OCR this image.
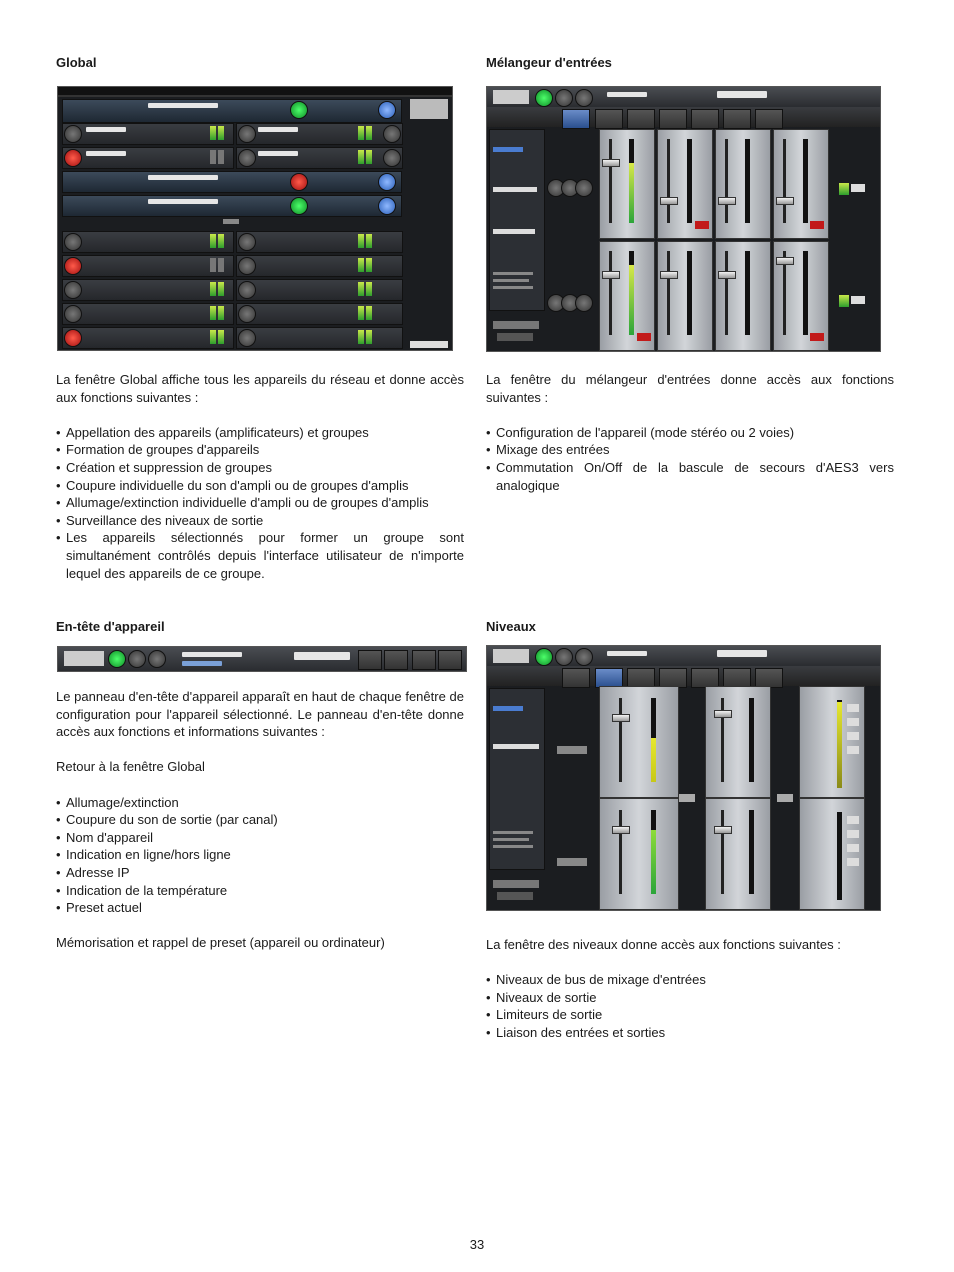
Global

La fenêtre Global affiche tous les appareils du réseau et donne accès aux fonctions suivantes :

• Appellation des appareils (amplificateurs) et groupes
• Formation de groupes d'appareils
• Création et suppression de groupes
• Coupure individuelle du son d'ampli ou de groupes d'amplis
• Allumage/extinction individuelle d'ampli ou de groupes d'amplis
• Surveillance des niveaux de sortie
• Les appareils sélectionnés pour former un groupe sont simultanément contrôlés depuis l'interface utilisateur de n'importe lequel des appareils de ce groupe.
Mélangeur d'entrées

La fenêtre du mélangeur d'entrées donne accès aux fonctions suivantes :

• Configuration de l'appareil (mode stéréo ou 2 voies)
• Mixage des entrées
• Commutation On/Off de la bascule de secours d'AES3 vers analogique
En-tête d'appareil

Le panneau d'en-tête d'appareil apparaît en haut de chaque fenêtre de configuration pour l'appareil sélectionné. Le panneau d'en-tête donne accès aux fonctions et informations suivantes :

Retour à la fenêtre Global

• Allumage/extinction
• Coupure du son de sortie (par canal)
• Nom d'appareil
• Indication en ligne/hors ligne
• Adresse IP
• Indication de la température
• Preset actuel

Mémorisation et rappel de preset (appareil ou ordinateur)

Niveaux

La fenêtre des niveaux donne accès aux fonctions suivantes :

• Niveaux de bus de mixage d'entrées
• Niveaux de sortie
• Limiteurs de sortie
• Liaison des entrées et sorties
33
